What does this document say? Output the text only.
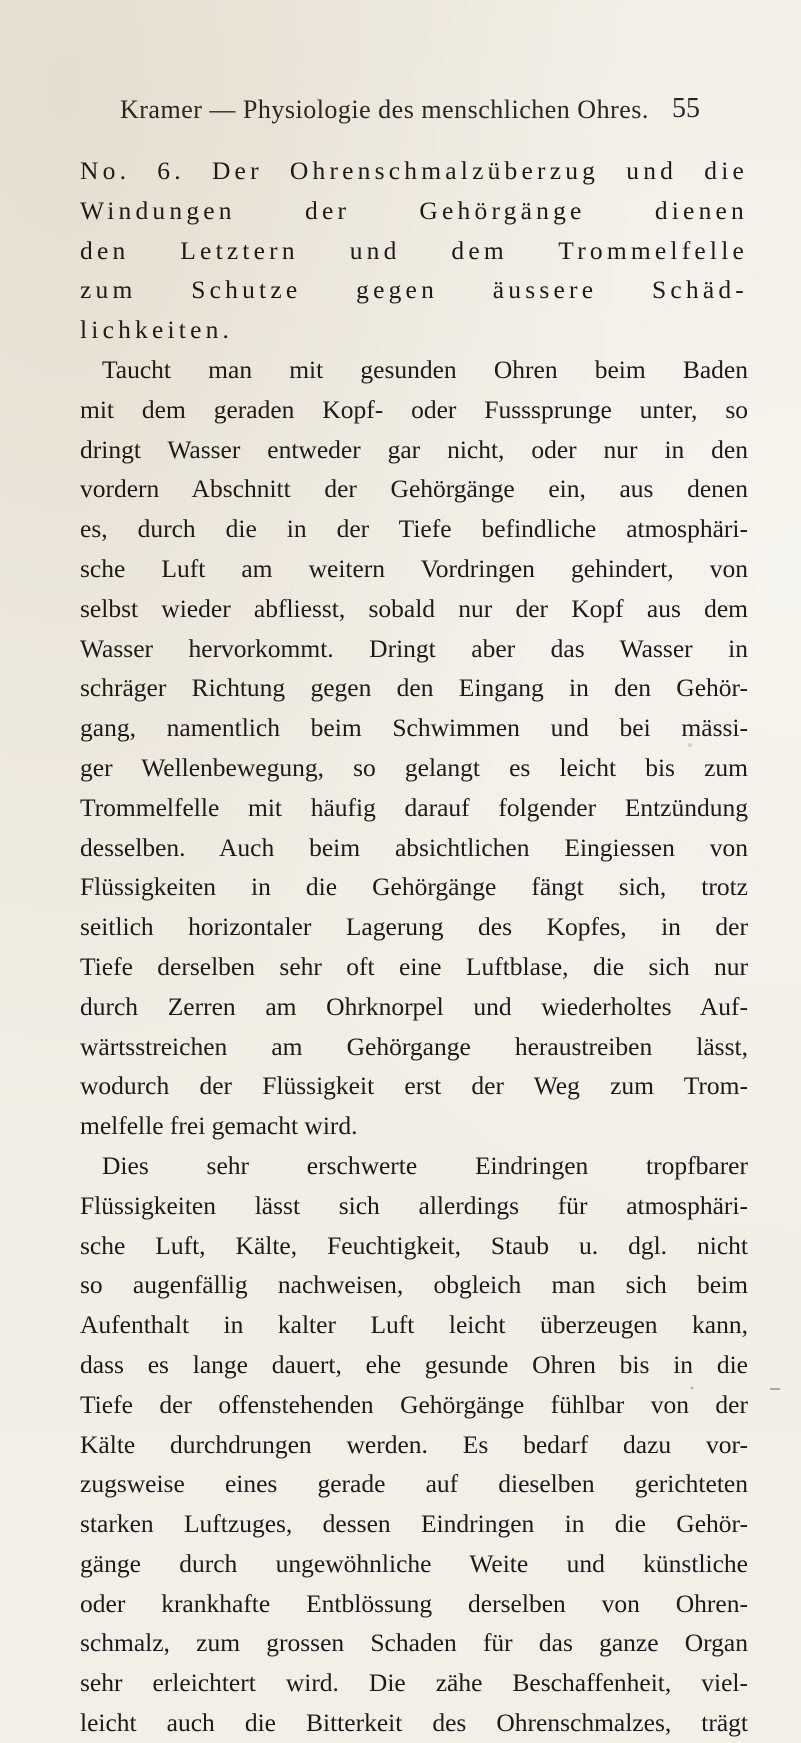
Kramer — Physiologie des menschlichen Ohres. 55
No. 6. Der Ohrenschmalzüberzug und die
Windungen der Gehörgänge dienen
den Letztern und dem Trommelfelle
zum Schutze gegen äussere Schäd-
lichkeiten.
Taucht man mit gesunden Ohren beim Baden
mit dem geraden Kopf- oder Fusssprunge unter, so
dringt Wasser entweder gar nicht, oder nur in den
vordern Abschnitt der Gehörgänge ein, aus denen
es, durch die in der Tiefe befindliche atmosphäri-
sche Luft am weitern Vordringen gehindert, von
selbst wieder abfliesst, sobald nur der Kopf aus dem
Wasser hervorkommt. Dringt aber das Wasser in
schräger Richtung gegen den Eingang in den Gehör-
gang, namentlich beim Schwimmen und bei mässi-
ger Wellenbewegung, so gelangt es leicht bis zum
Trommelfelle mit häufig darauf folgender Entzündung
desselben. Auch beim absichtlichen Eingiessen von
Flüssigkeiten in die Gehörgänge fängt sich, trotz
seitlich horizontaler Lagerung des Kopfes, in der
Tiefe derselben sehr oft eine Luftblase, die sich nur
durch Zerren am Ohrknorpel und wiederholtes Auf-
wärtsstreichen am Gehörgange heraustreiben lässt,
wodurch der Flüssigkeit erst der Weg zum Trom-
melfelle frei gemacht wird.
Dies sehr erschwerte Eindringen tropfbarer
Flüssigkeiten lässt sich allerdings für atmosphäri-
sche Luft, Kälte, Feuchtigkeit, Staub u. dgl. nicht
so augenfällig nachweisen, obgleich man sich beim
Aufenthalt in kalter Luft leicht überzeugen kann,
dass es lange dauert, ehe gesunde Ohren bis in die
Tiefe der offenstehenden Gehörgänge fühlbar von der
Kälte durchdrungen werden. Es bedarf dazu vor-
zugsweise eines gerade auf dieselben gerichteten
starken Luftzuges, dessen Eindringen in die Gehör-
gänge durch ungewöhnliche Weite und künstliche
oder krankhafte Entblössung derselben von Ohren-
schmalz, zum grossen Schaden für das ganze Organ
sehr erleichtert wird. Die zähe Beschaffenheit, viel-
leicht auch die Bitterkeit des Ohrenschmalzes, trägt
